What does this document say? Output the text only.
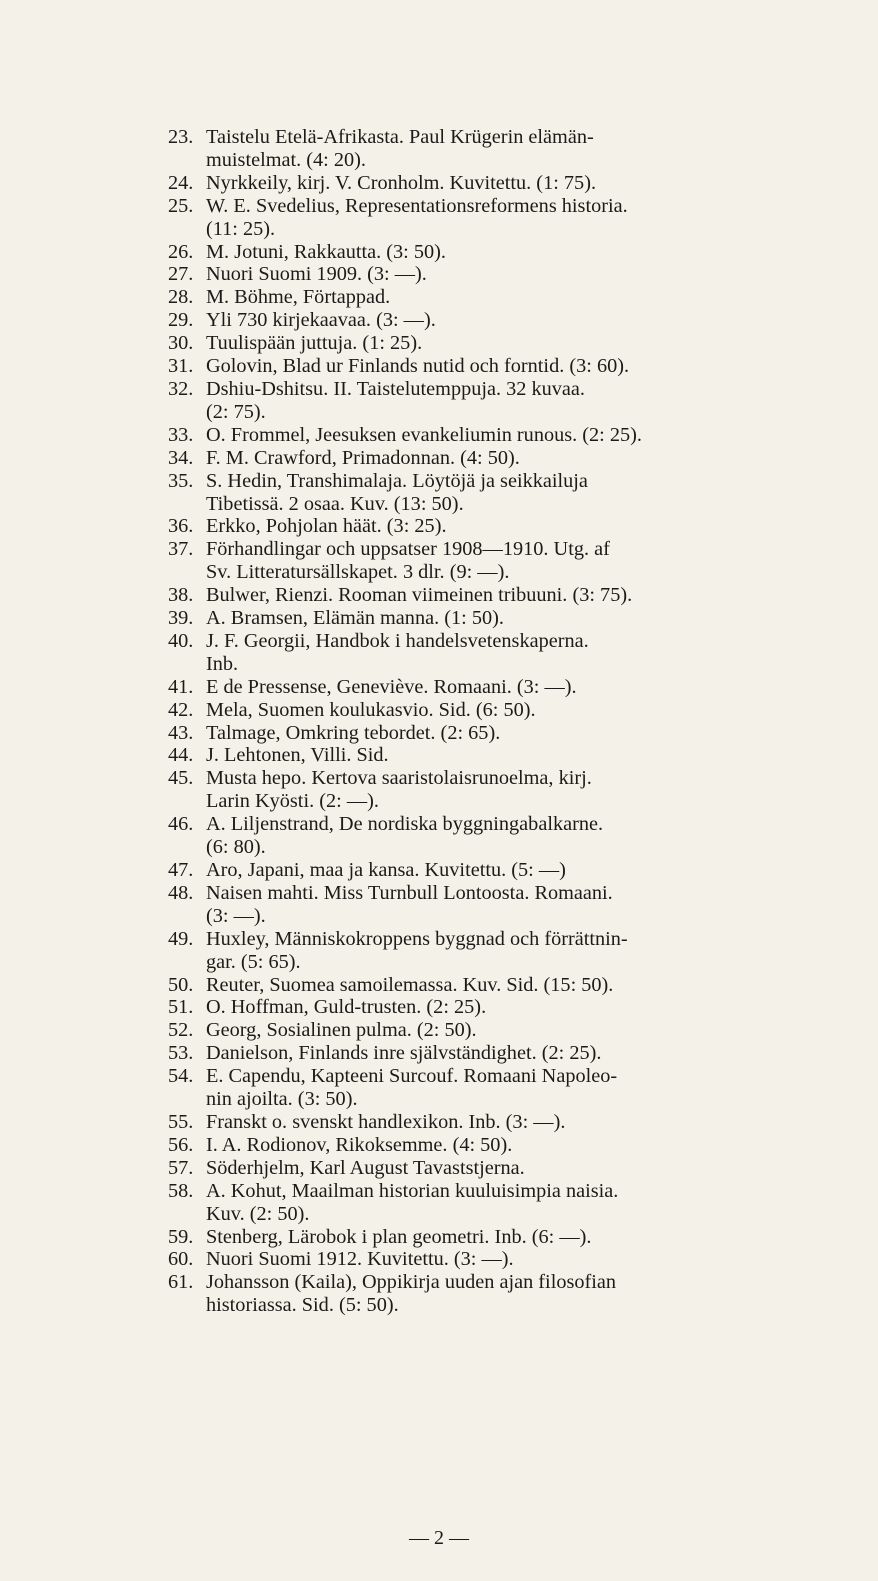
23. Taistelu Etelä-Afrikasta. Paul Krügerin elämän-
muistelmat. (4: 20).
24. Nyrkkeily, kirj. V. Cronholm. Kuvitettu. (1: 75).
25. W. E. Svedelius, Representationsreformens historia.
(11: 25).
26. M. Jotuni, Rakkautta. (3: 50).
27. Nuori Suomi 1909. (3: —).
28. M. Böhme, Förtappad.
29. Yli 730 kirjekaavaa. (3: —).
30. Tuulispään juttuja. (1: 25).
31. Golovin, Blad ur Finlands nutid och forntid. (3: 60).
32. Dshiu-Dshitsu. II. Taistelutemppuja. 32 kuvaa.
(2: 75).
33. O. Frommel, Jeesuksen evankeliumin runous. (2: 25).
34. F. M. Crawford, Primadonnan. (4: 50).
35. S. Hedin, Transhimalaja. Löytöjä ja seikkailuja
Tibetissä. 2 osaa. Kuv. (13: 50).
36. Erkko, Pohjolan häät. (3: 25).
37. Förhandlingar och uppsatser 1908—1910. Utg. af
Sv. Litteratursällskapet. 3 dlr. (9: —).
38. Bulwer, Rienzi. Rooman viimeinen tribuuni. (3: 75).
39. A. Bramsen, Elämän manna. (1: 50).
40. J. F. Georgii, Handbok i handelsvetenskaperna.
Inb.
41. E de Pressense, Geneviève. Romaani. (3: —).
42. Mela, Suomen koulukasvio. Sid. (6: 50).
43. Talmage, Omkring tebordet. (2: 65).
44. J. Lehtonen, Villi. Sid.
45. Musta hepo. Kertova saaristolaisrunoelma, kirj.
Larin Kyösti. (2: —).
46. A. Liljenstrand, De nordiska byggningabalkarne.
(6: 80).
47. Aro, Japani, maa ja kansa. Kuvitettu. (5: —)
48. Naisen mahti. Miss Turnbull Lontoosta. Romaani.
(3: —).
49. Huxley, Människokroppens byggnad och förrättnin-
gar. (5: 65).
50. Reuter, Suomea samoilemassa. Kuv. Sid. (15: 50).
51. O. Hoffman, Guld-trusten. (2: 25).
52. Georg, Sosialinen pulma. (2: 50).
53. Danielson, Finlands inre självständighet. (2: 25).
54. E. Capendu, Kapteeni Surcouf. Romaani Napoleo-
nin ajoilta. (3: 50).
55. Franskt o. svenskt handlexikon. Inb. (3: —).
56. I. A. Rodionov, Rikoksemme. (4: 50).
57. Söderhjelm, Karl August Tavaststjerna.
58. A. Kohut, Maailman historian kuuluisimpia naisia.
Kuv. (2: 50).
59. Stenberg, Lärobok i plan geometri. Inb. (6: —).
60. Nuori Suomi 1912. Kuvitettu. (3: —).
61. Johansson (Kaila), Oppikirja uuden ajan filosofian
historiassa. Sid. (5: 50).
— 2 —
